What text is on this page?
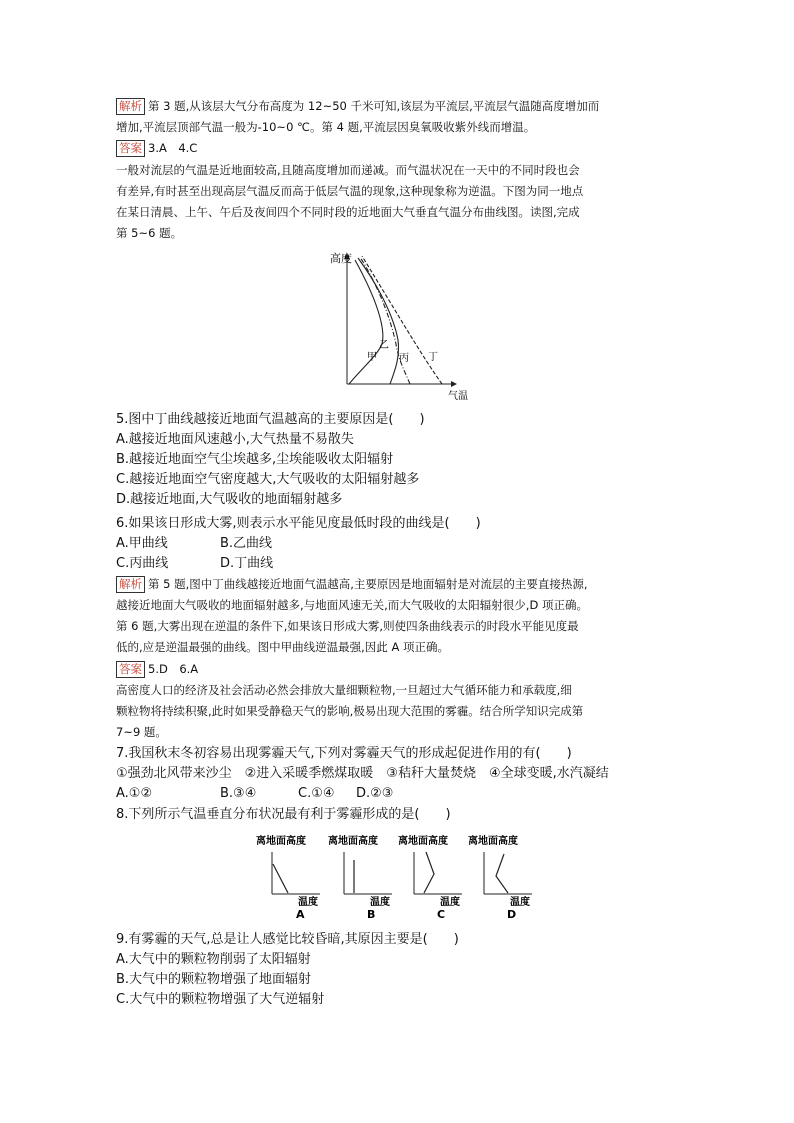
解析 第 3 题,从该层大气分布高度为 12~50 千米可知,该层为平流层,平流层气温随高度增加而
增加,平流层顶部气温一般为-10~0 ℃。第 4 题,平流层因臭氧吸收紫外线而增温。
答案 3.A　4.C
一般对流层的气温是近地面较高,且随高度增加而递减。而气温状况在一天中的不同时段也会
有差异,有时甚至出现高层气温反而高于低层气温的现象,这种现象称为逆温。下图为同一地点
在某日清晨、上午、午后及夜间四个不同时段的近地面大气垂直气温分布曲线图。读图,完成
第 5~6 题。
高度
气温
甲
乙
丙 丁
5.图中丁曲线越接近地面气温越高的主要原因是(　　)
A.越接近地面风速越小,大气热量不易散失
B.越接近地面空气尘埃越多,尘埃能吸收太阳辐射
C.越接近地面空气密度越大,大气吸收的太阳辐射越多
D.越接近地面,大气吸收的地面辐射越多
6.如果该日形成大雾,则表示水平能见度最低时段的曲线是(　　)
A.甲曲线	B.乙曲线
C.丙曲线	D.丁曲线
解析 第 5 题,图中丁曲线越接近地面气温越高,主要原因是地面辐射是对流层的主要直接热源,
越接近地面大气吸收的地面辐射越多,与地面风速无关,而大气吸收的太阳辐射很少,D 项正确。
第 6 题,大雾出现在逆温的条件下,如果该日形成大雾,则使四条曲线表示的时段水平能见度最
低的,应是逆温最强的曲线。图中甲曲线逆温最强,因此 A 项正确。
答案 5.D　6.A
高密度人口的经济及社会活动必然会排放大量细颗粒物,一旦超过大气循环能力和承载度,细
颗粒物将持续积聚,此时如果受静稳天气的影响,极易出现大范围的雾霾。结合所学知识完成第
7~9 题。
7.我国秋末冬初容易出现雾霾天气,下列对雾霾天气的形成起促进作用的有(　　)
①强劲北风带来沙尘　②进入采暖季燃煤取暖　③秸秆大量焚烧　④全球变暖,水汽凝结
A.①②	B.③④	C.①④ D.②③
8.下列所示气温垂直分布状况最有利于雾霾形成的是(　　)
离地面高度
温度
A
离地面高度
温度
B
离地面高度
温度
C
离地面高度
温度
D
9.有雾霾的天气,总是让人感觉比较昏暗,其原因主要是(　　)
A.大气中的颗粒物削弱了太阳辐射
B.大气中的颗粒物增强了地面辐射
C.大气中的颗粒物增强了大气逆辐射
